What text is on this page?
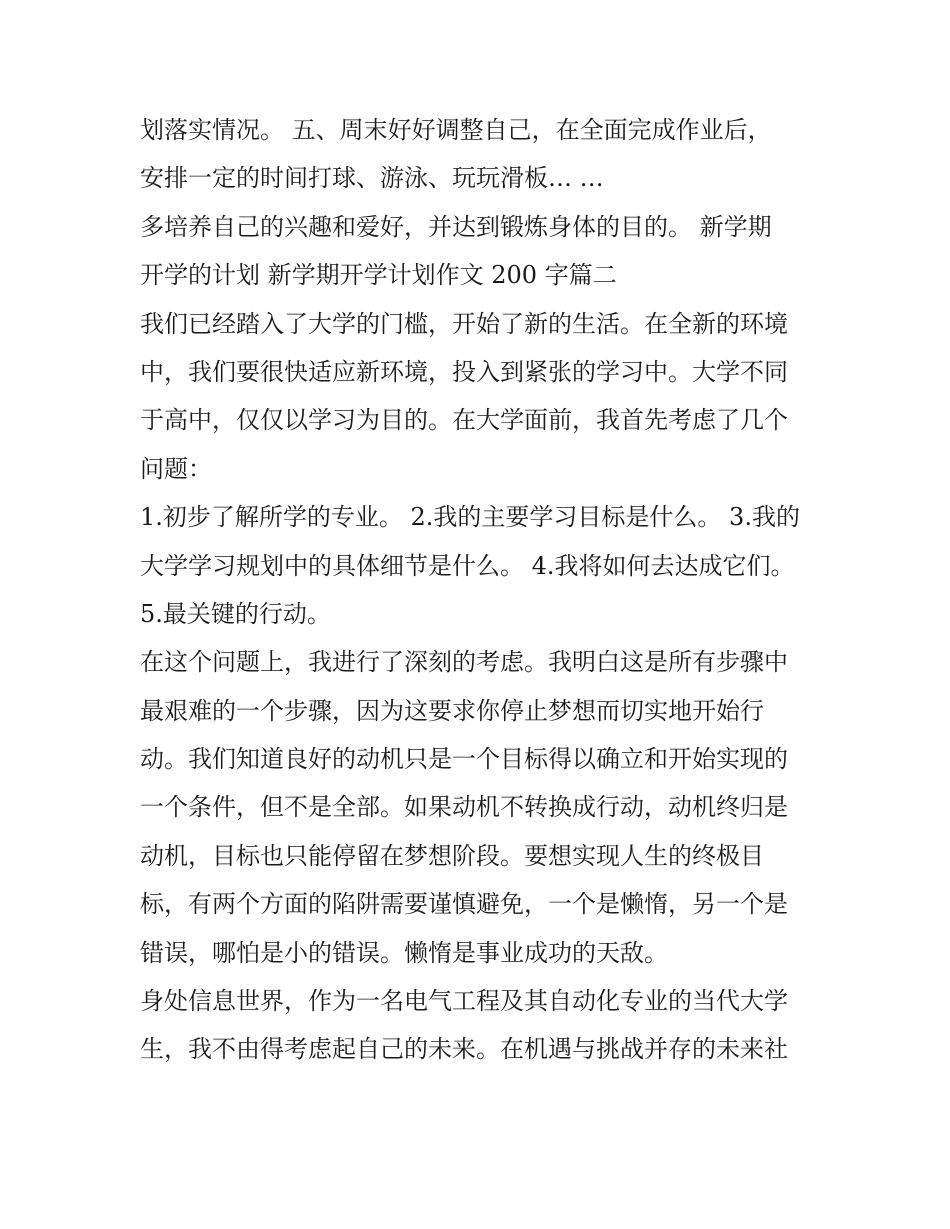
划落实情况。 五、周末好好调整自己，在全面完成作业后，
安排一定的时间打球、游泳、玩玩滑板… …
多培养自己的兴趣和爱好，并达到锻炼身体的目的。 新学期
开学的计划 新学期开学计划作文 200 字篇二
我们已经踏入了大学的门槛，开始了新的生活。在全新的环境
中，我们要很快适应新环境，投入到紧张的学习中。大学不同
于高中，仅仅以学习为目的。在大学面前，我首先考虑了几个
问题：
1.初步了解所学的专业。 2.我的主要学习目标是什么。 3.我的
大学学习规划中的具体细节是什么。 4.我将如何去达成它们。
5.最关键的行动。
在这个问题上，我进行了深刻的考虑。我明白这是所有步骤中
最艰难的一个步骤，因为这要求你停止梦想而切实地开始行
动。我们知道良好的动机只是一个目标得以确立和开始实现的
一个条件，但不是全部。如果动机不转换成行动，动机终归是
动机，目标也只能停留在梦想阶段。要想实现人生的终极目
标，有两个方面的陷阱需要谨慎避免，一个是懒惰，另一个是
错误，哪怕是小的错误。懒惰是事业成功的天敌。
身处信息世界，作为一名电气工程及其自动化专业的当代大学
生，我不由得考虑起自己的未来。在机遇与挑战并存的未来社
